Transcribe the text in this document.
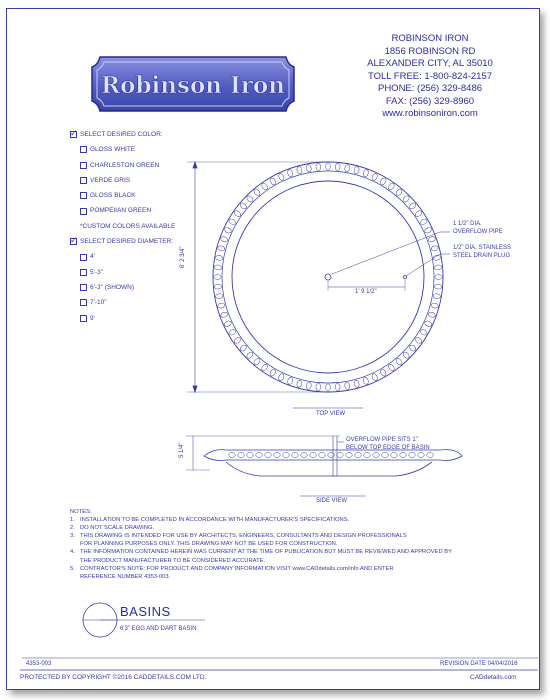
Robinson Iron
ROBINSON IRON
1856 ROBINSON RD
ALEXANDER CITY, AL 35010
TOLL FREE: 1-800-824-2157
PHONE: (256) 329-8486
FAX: (256) 329-8960
www.robinsoniron.com
✓
SELECT DESIRED COLOR:
GLOSS WHITE
CHARLESTON GREEN
VERDE GRIS
GLOSS BLACK
POMPEIIAN GREEN
*CUSTOM COLORS AVAILABLE
✓
SELECT DESIRED DIAMETER:
4'
5'-3"
6'-3" (SHOWN)
7'-10"
9'
6' 2 3/4"
1' 9 1/2"
1 1/2" DIA.
OVERFLOW PIPE
1/2" DIA. STAINLESS
STEEL DRAIN PLUG
TOP VIEW
5 1/4"
OVERFLOW PIPE SITS 1"
BELOW TOP EDGE OF BASIN
SIDE VIEW
NOTES:
1. INSTALLATION TO BE COMPLETED IN ACCORDANCE WITH MANUFACTURER'S SPECIFICATIONS.
2. DO NOT SCALE DRAWING.
3. THIS DRAWING IS INTENDED FOR USE BY ARCHITECTS, ENGINEERS, CONSULTANTS AND DESIGN PROFESSIONALS
FOR PLANNING PURPOSES ONLY. THIS DRAWING MAY NOT BE USED FOR CONSTRUCTION.
4. THE INFORMATION CONTAINED HEREIN WAS CURRENT AT THE TIME OF PUBLICATION BUT MUST BE REVIEWED AND APPROVED BY
THE PRODUCT MANUFACTURER TO BE CONSIDERED ACCURATE.
5. CONTRACTOR'S NOTE: FOR PRODUCT AND COMPANY INFORMATION VISIT www.CADdetails.com/info AND ENTER
REFERENCE NUMBER 4353-003.
BASINS
6'3" EGG AND DART BASIN
4353-003	REVISION DATE 04/04/2016
PROTECTED BY COPYRIGHT ©2016 CADDETAILS.COM LTD.	CADdetails.com
